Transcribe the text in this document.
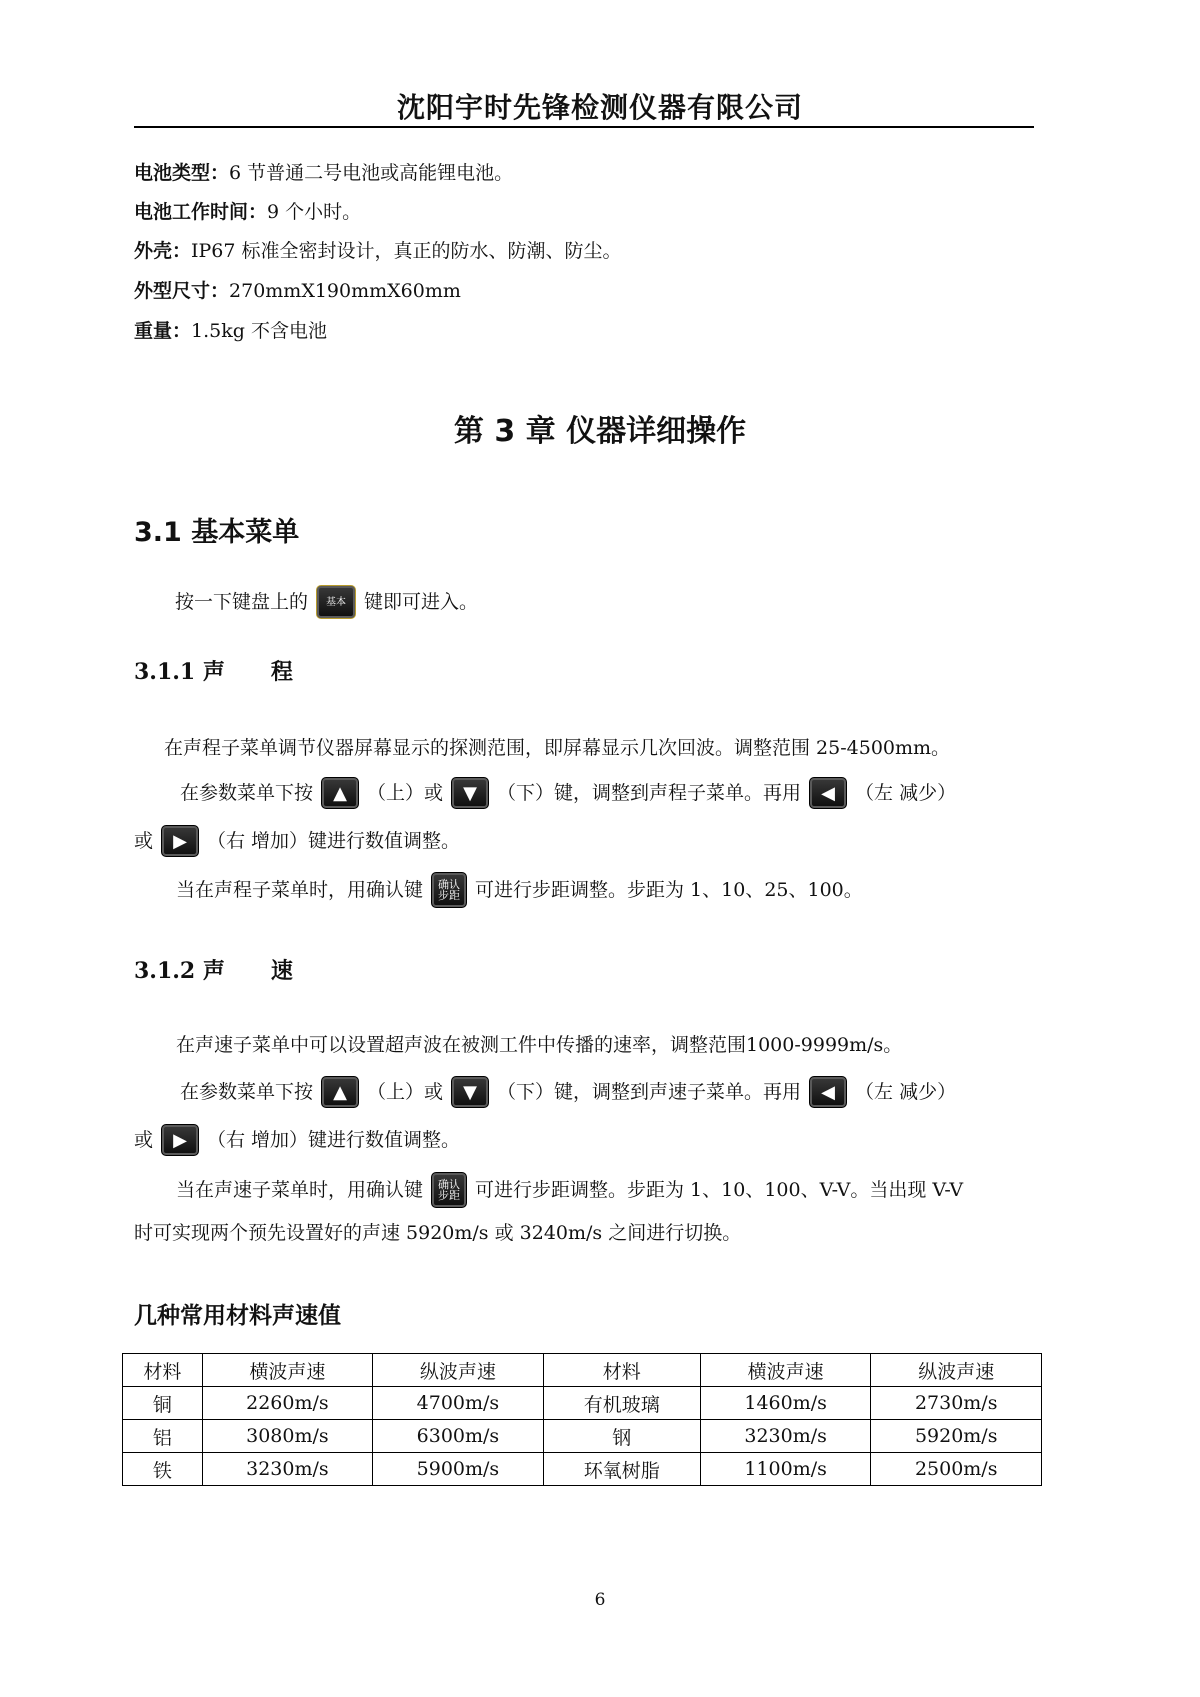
沈阳宇时先锋检测仪器有限公司
电池类型：6 节普通二号电池或高能锂电池。
电池工作时间：9 个小时。
外壳：IP67 标准全密封设计，真正的防水、防潮、防尘。
外型尺寸：270mmX190mmX60mm
重量：1.5kg 不含电池
第 3 章 仪器详细操作
3.1 基本菜单
按一下键盘上的	基本 键即可进入。
3.1.1 声      程
在声程子菜单调节仪器屏幕显示的探测范围，即屏幕显示几次回波。调整范围 25-4500mm。
在参数菜单下按	▲	（上）或	▼	（下）键，调整到声程子菜单。再用	◀	（左 减少）
或	▶	（右 增加）键进行数值调整。
当在声程子菜单时，用确认键 确认
步距 可进行步距调整。步距为 1、10、25、100。
3.1.2 声      速
在声速子菜单中可以设置超声波在被测工件中传播的速率，调整范围1000-9999m/s。
在参数菜单下按	▲	（上）或	▼	（下）键，调整到声速子菜单。再用	◀	（左 减少）
或	▶	（右 增加）键进行数值调整。
当在声速子菜单时，用确认键 确认
步距 可进行步距调整。步距为 1、10、100、V-V。当出现 V-V
时可实现两个预先设置好的声速 5920m/s 或 3240m/s 之间进行切换。
几种常用材料声速值
材料	横波声速	纵波声速	材料	横波声速	纵波声速
铜	2260m/s	4700m/s	有机玻璃	1460m/s	2730m/s
铝	3080m/s	6300m/s	钢	3230m/s	5920m/s
铁	3230m/s	5900m/s	环氧树脂	1100m/s	2500m/s
6
